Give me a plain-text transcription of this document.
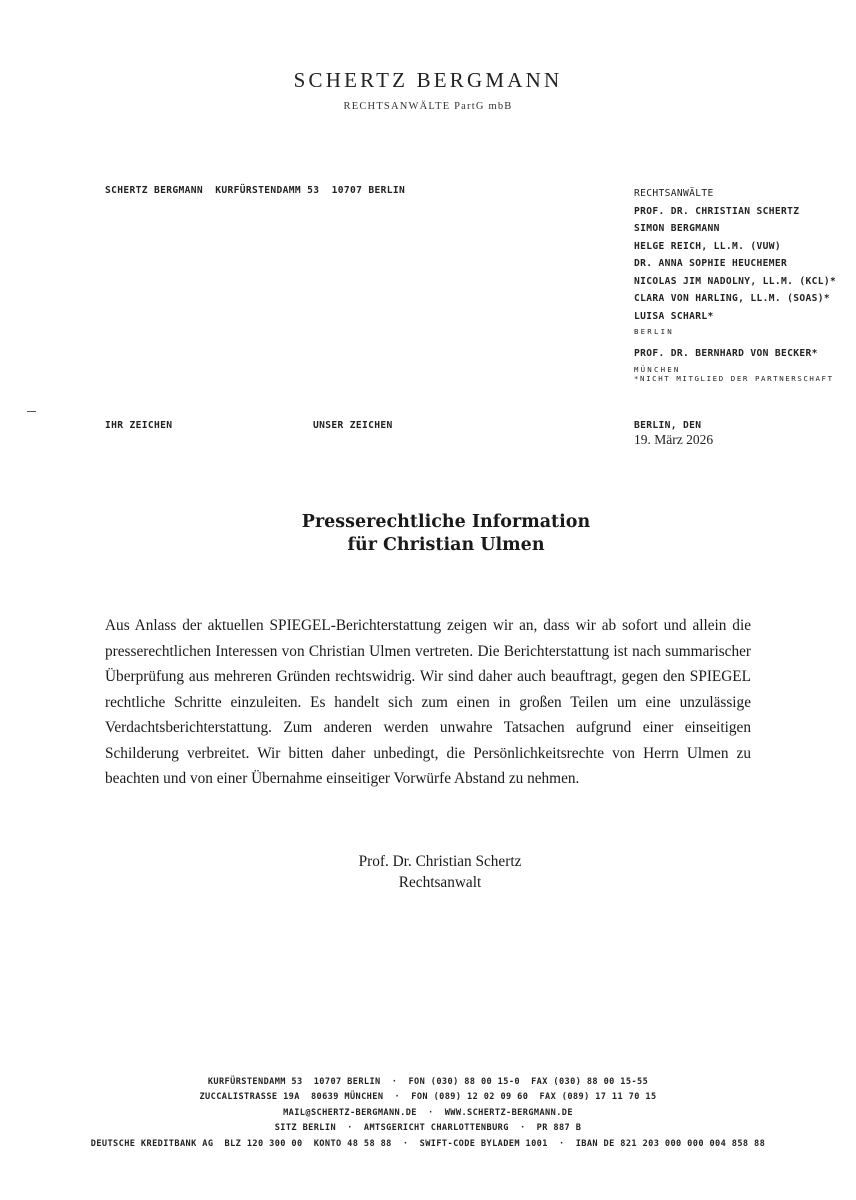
SCHERTZ BERGMANN
RECHTSANWÄLTE PartG mbB
SCHERTZ BERGMANN  KURFÜRSTENDAMM 53  10707 BERLIN	RECHTSANWÄLTE
PROF. DR. CHRISTIAN SCHERTZ
SIMON BERGMANN
HELGE REICH, LL.M. (VUW)
DR. ANNA SOPHIE HEUCHEMER
NICOLAS JIM NADOLNY, LL.M. (KCL)*
CLARA VON HARLING, LL.M. (SOAS)*
LUISA SCHARL*
BERLIN
PROF. DR. BERNHARD VON BECKER*
MÜNCHEN
*NICHT MITGLIED DER PARTNERSCHAFT
IHR ZEICHEN	UNSER ZEICHEN	BERLIN, DEN
19. März 2026
Presserechtliche Information
für Christian Ulmen
Aus Anlass der aktuellen SPIEGEL-Berichterstattung zeigen wir an, dass wir ab sofort und allein die presserechtlichen Interessen von Christian Ulmen vertreten. Die Berichterstattung ist nach summarischer Überprüfung aus mehreren Gründen rechtswidrig. Wir sind daher auch beauftragt, gegen den SPIEGEL rechtliche Schritte einzuleiten. Es handelt sich zum einen in großen Teilen um eine unzulässige Verdachtsberichterstattung. Zum anderen werden unwahre Tatsachen aufgrund einer einseitigen Schilderung verbreitet. Wir bitten daher unbedingt, die Persönlichkeitsrechte von Herrn Ulmen zu beachten und von einer Übernahme einseitiger Vorwürfe Abstand zu nehmen.
Prof. Dr. Christian Schertz
Rechtsanwalt
KURFÜRSTENDAMM 53  10707 BERLIN  ·  FON (030) 88 00 15-0  FAX (030) 88 00 15-55
ZUCCALISTRASSE 19A  80639 MÜNCHEN  ·  FON (089) 12 02 09 60  FAX (089) 17 11 70 15
MAIL@SCHERTZ-BERGMANN.DE  ·  WWW.SCHERTZ-BERGMANN.DE
SITZ BERLIN  ·  AMTSGERICHT CHARLOTTENBURG  ·  PR 887 B
DEUTSCHE KREDITBANK AG  BLZ 120 300 00  KONTO 48 58 88  ·  SWIFT-CODE BYLADEM 1001  ·  IBAN DE 821 203 000 000 004 858 88
